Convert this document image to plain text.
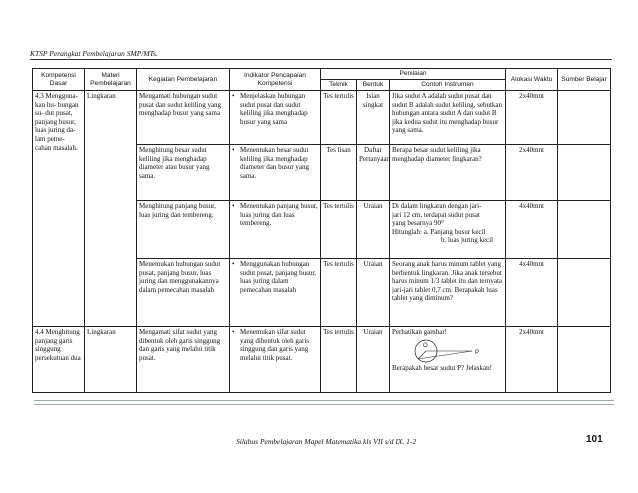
KTSP Perangkat Pembelajaran SMP/MTs.
Kompetensi Dasar	Materi Pembelajaran	Kegiatan Pembelajaran	Indikator Pencapaian Kompetensi	Penilaian			Alokasi Waktu	Sumber Belajar
				Teknik	Bentuk	Contoh Instrumen		
4.3 Mengguna- kan hu- bungan su- dut pusat, panjang busur, luas juring da- lam peme- cahan masalah.	Lingkaran	Mengamati hubungan sudut pusat dan sudut keliling yang menghadap busur yang sama	• Menjelaskan hubungan sudut pusat dan sudut keliling jika menghadap busur yang sama	Tes tertulis	Isian singkat	Jika sudut A adalah sudut pusat dan sudut B adalah sudut keliling, sebutkan hubungan antara sudut A dan sudut B jika kedua sudut itu menghadap busur yang sama.	2x40mnt	
		Menghitung besar sudut keliling jika menghadap diameter atau busur yang sama.	• Menentukan besar sudut keliling jika menghadap diameter dan busur yang sama.	Tes lisan	Daftar Pertanyaan	Berapa besar sudut keliling jika menghadap diameter lingkaran?	2x40mnt	
		Menghitung panjang busur, luas juring dan tembereng.	• Menentukan panjang busur, luas juring dan luas tembereng.	Tes tertulis	Uraian	Di dalam lingkaran dengan jari-
jari 12 cm, terdapat sudut pusat
yang besarnya 90⁰
Hitunglah: a. Panjang busur kecil
b. luas juring kecil	4x40mnt	
		Menemukan hubungan sudut pusat, panjang busur, luas juring dan menggunakannya dalam pemecahan masalah	• Menggunakan hubungan sudut pusat, panjang busur, luas juring dalam pemecahan masalah	Tes tertulis	Uraian	Seorang anak harus minum tablet yang berbentuk lingkaran. Jika anak tersebut harus minum 1/3 tablet itu dan ternyata jari-jari tablet 0,7 cm. Berapakah luas tablet yang diminum?	4x40mnt	
4.4 Menghitung panjang garis singgung persekutuan dua	Lingkaran	Mengamati sifat sudut yang dibentuk oleh garis singgung dan garis yang melalui titik pusat.	• Menemukan sifat sudut yang dibentuk oleh garis singgung dan garis yang melalui titik pusat.	Tes tertulis	Uraian	Perhatikan gambar!
O
P
Berapakah besar sudut P? Jelaskan!	2x40mnt	
Silabus Pembelajaran Mapel Matematika kls VII s/d IX. 1-2	101
